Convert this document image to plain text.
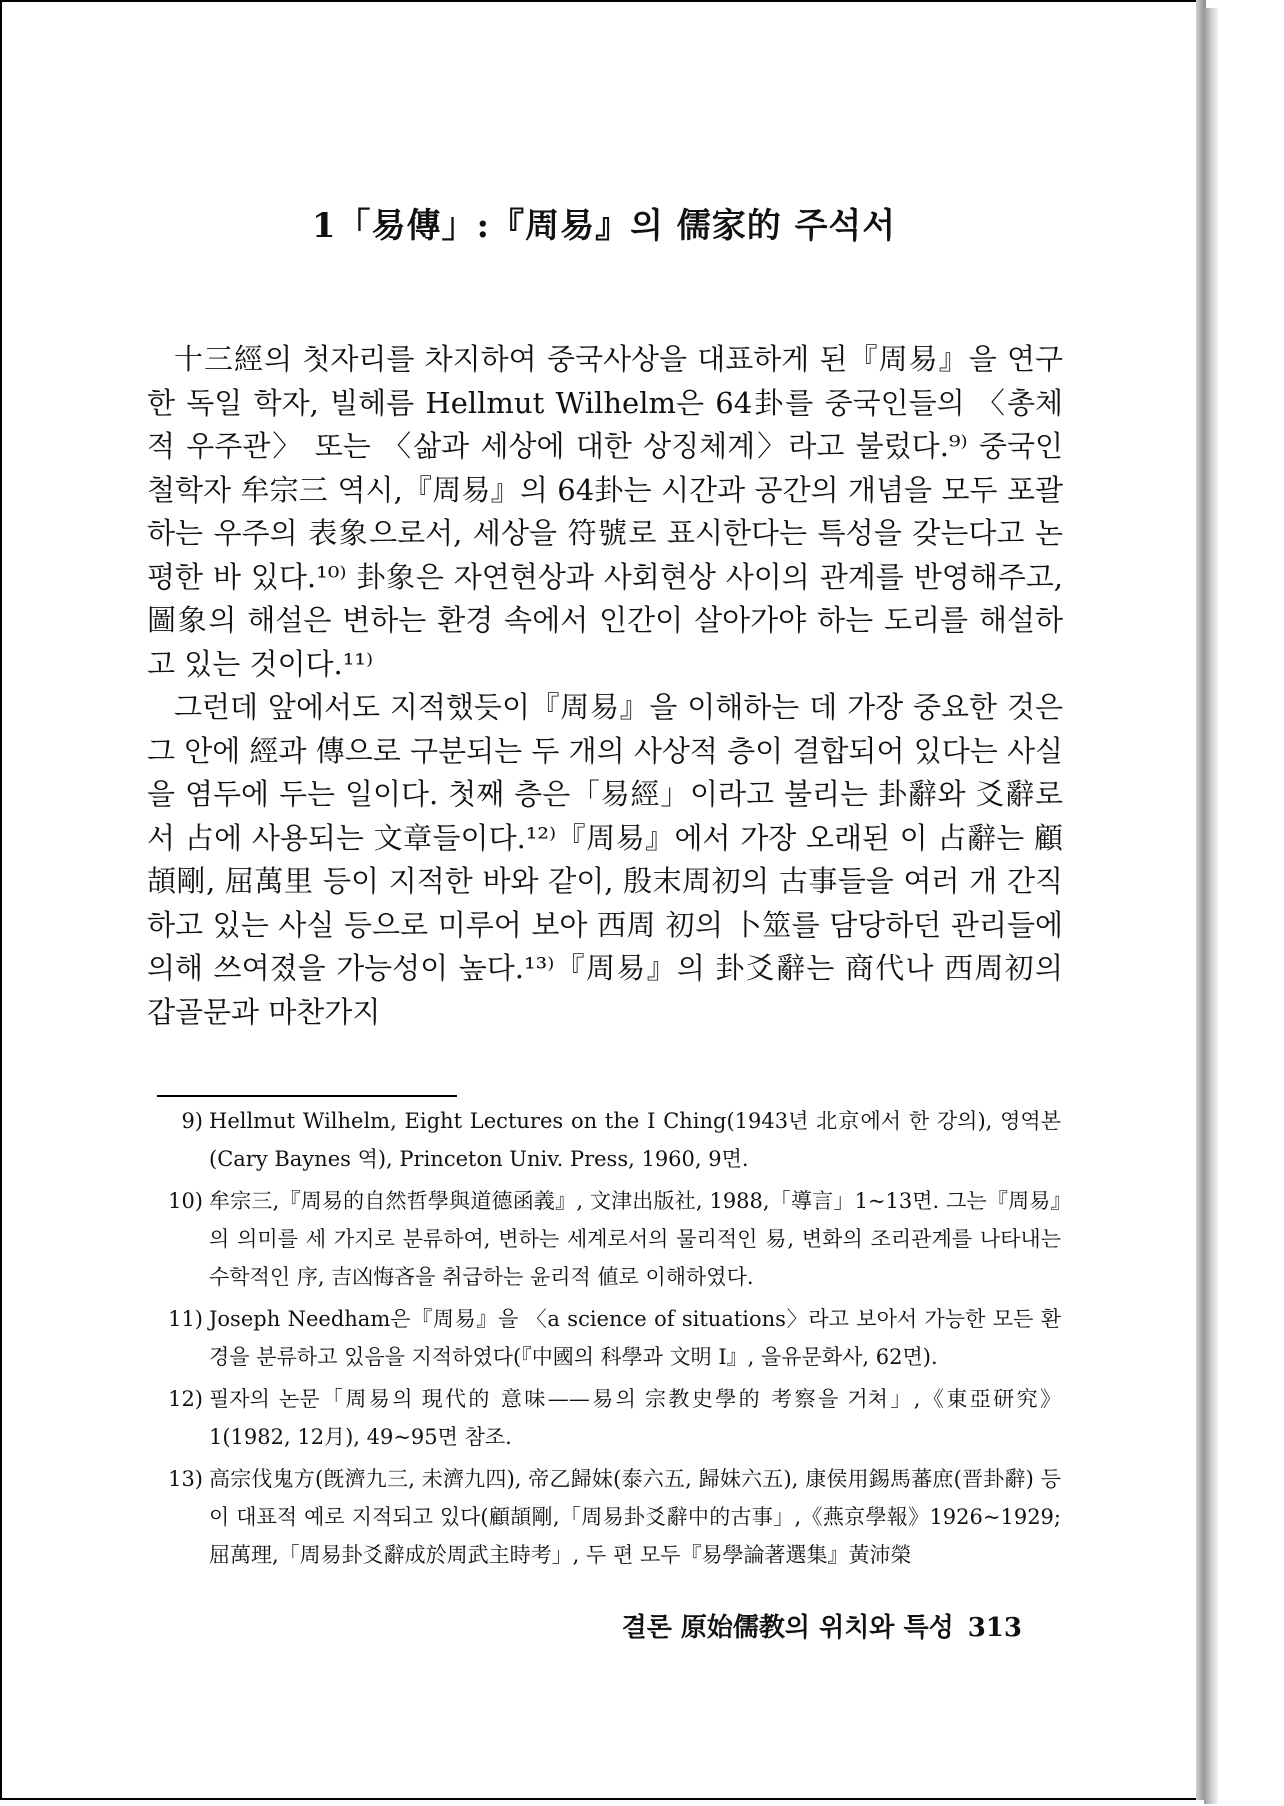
1「易傳」:『周易』의 儒家的 주석서

十三經의 첫자리를 차지하여 중국사상을 대표하게 된『周易』을 연구한 독일 학자, 빌헤름 Hellmut Wilhelm은 64卦를 중국인들의 〈총체적 우주관〉 또는 〈삶과 세상에 대한 상징체계〉라고 불렀다.⁹⁾ 중국인 철학자 牟宗三 역시,『周易』의 64卦는 시간과 공간의 개념을 모두 포괄하는 우주의 表象으로서, 세상을 符號로 표시한다는 특성을 갖는다고 논평한 바 있다.¹⁰⁾ 卦象은 자연현상과 사회현상 사이의 관계를 반영해주고, 圖象의 해설은 변하는 환경 속에서 인간이 살아가야 하는 도리를 해설하고 있는 것이다.¹¹⁾

그런데 앞에서도 지적했듯이『周易』을 이해하는 데 가장 중요한 것은 그 안에 經과 傳으로 구분되는 두 개의 사상적 층이 결합되어 있다는 사실을 염두에 두는 일이다. 첫째 층은「易經」이라고 불리는 卦辭와 爻辭로서 占에 사용되는 文章들이다.¹²⁾『周易』에서 가장 오래된 이 占辭는 顧頡剛, 屈萬里 등이 지적한 바와 같이, 殷末周初의 古事들을 여러 개 간직하고 있는 사실 등으로 미루어 보아 西周 初의 卜筮를 담당하던 관리들에 의해 쓰여졌을 가능성이 높다.¹³⁾『周易』의 卦爻辭는 商代나 西周初의 갑골문과 마찬가지

9) Hellmut Wilhelm, Eight Lectures on the I Ching(1943년 北京에서 한 강의), 영역본(Cary Baynes 역), Princeton Univ. Press, 1960, 9면.
10) 牟宗三,『周易的自然哲學與道德函義』, 文津出版社, 1988,「導言」1~13면. 그는『周易』의 의미를 세 가지로 분류하여, 변하는 세계로서의 물리적인 易, 변화의 조리관계를 나타내는 수학적인 序, 吉凶悔吝을 취급하는 윤리적 値로 이해하였다.
11) Joseph Needham은『周易』을 〈a science of situations〉라고 보아서 가능한 모든 환경을 분류하고 있음을 지적하였다(『中國의 科學과 文明 Ⅰ』, 을유문화사, 62면).
12) 필자의 논문「周易의 現代的 意味——易의 宗教史學的 考察을 거쳐」,《東亞研究》1(1982, 12月), 49~95면 참조.
13) 高宗伐鬼方(旣濟九三, 未濟九四), 帝乙歸妹(泰六五, 歸妹六五), 康侯用錫馬蕃庶(晋卦辭) 등이 대표적 예로 지적되고 있다(顧頡剛,「周易卦爻辭中的古事」,《燕京學報》1926~1929; 屈萬理,「周易卦爻辭成於周武主時考」, 두 편 모두『易學論著選集』黃沛榮
결론 原始儒教의 위치와 특성 313
